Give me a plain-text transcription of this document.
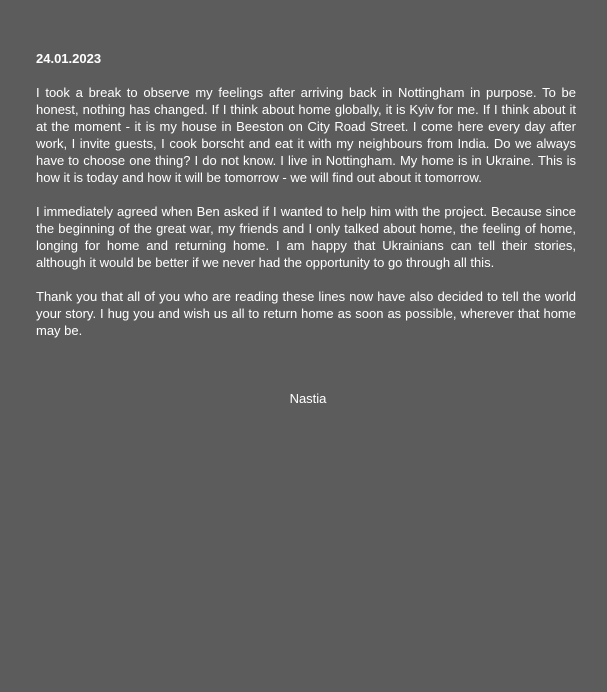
24.01.2023

I took a break to observe my feelings after arriving back in Nottingham in purpose. To be honest, nothing has changed. If I think about home globally, it is Kyiv for me. If I think about it at the moment - it is my house in Beeston on City Road Street. I come here every day after work, I invite guests, I cook borscht and eat it with my neighbours from India. Do we always have to choose one thing? I do not know. I live in Nottingham. My home is in Ukraine. This is how it is today and how it will be tomorrow - we will find out about it tomorrow.

I immediately agreed when Ben asked if I wanted to help him with the project. Because since the beginning of the great war, my friends and I only talked about home, the feeling of home, longing for home and returning home. I am happy that Ukrainians can tell their stories, although it would be better if we never had the opportunity to go through all this.

Thank you that all of you who are reading these lines now have also decided to tell the world your story. I hug you and wish us all to return home as soon as possible, wherever that home may be.

Nastia
